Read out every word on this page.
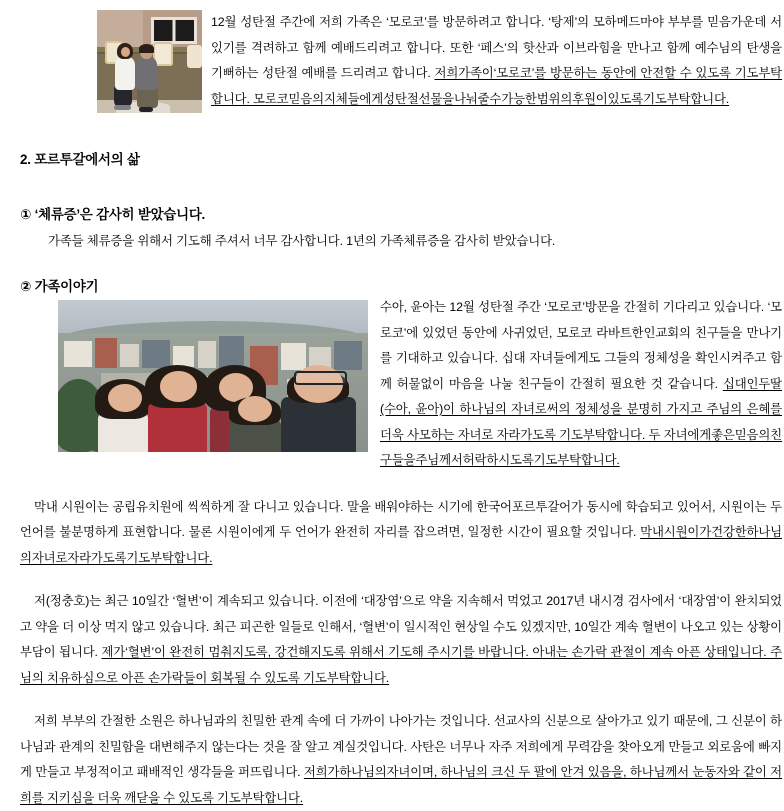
12월 성탄절 주간에 저희 가족은 ‘모로코’를 방문하려고 합니다. ‘탕제’의 모하메드마야 부부를 믿음가운데 서 있기를 격려하고 함께 예배드리려고 합니다. 또한 ‘페스’의 핫산과 이브라힘을 만나고 함께 예수님의 탄생을 기뻐하는 성탄절 예배를 드리려고 합니다. 저희가족이‘모로코’를 방문하는 동안에 안전할 수 있도록 기도부탁합니다. 모로코믿음의지체들에게성탄절선물을나눠줄수가능한범위의후원이있도록기도부탁합니다.

2. 포르투갈에서의 삶
① ‘체류증’은 감사히 받았습니다.

가족들 체류증을 위해서 기도해 주셔서 너무 감사합니다. 1년의 가족체류증을 감사히 받았습니다.

② 가족이야기

수아, 윤아는 12월 성탄절 주간 ‘모로코’방문을 간절히 기다리고 있습니다. ‘모로코’에 있었던 동안에 사귀었던, 모로코 라바트한인교회의 친구들을 만나기를 기대하고 있습니다. 십대 자녀들에게도 그들의 정체성을 확인시켜주고 함께 허물없이 마음을 나눌 친구들이 간절히 필요한 것 같습니다. 십대인두딸(수아, 윤아)이 하나님의 자녀로써의 정체성을 분명히 가지고 주님의 은혜를 더욱 사모하는 자녀로 자라가도록 기도부탁합니다. 두 자녀에게좋은믿음의친구들을주님께서허락하시도록기도부탁합니다.

막내 시원이는 공립유치원에 씩씩하게 잘 다니고 있습니다. 말을 배워야하는 시기에 한국어포르투갈어가 동시에 학습되고 있어서, 시원이는 두 언어를 불분명하게 표현합니다. 물론 시원이에게 두 언어가 완전히 자리를 잡으려면, 일정한 시간이 필요할 것입니다. 막내시원이가건강한하나님의자녀로자라가도록기도부탁합니다.

저(정충호)는 최근 10일간 ‘혈변’이 계속되고 있습니다. 이전에 ‘대장염’으로 약을 지속해서 먹었고 2017년 내시경 검사에서 ‘대장염’이 완치되었고 약을 더 이상 먹지 않고 있습니다. 최근 피곤한 일들로 인해서, ‘혈변’이 일시적인 현상일 수도 있겠지만, 10일간 계속 혈변이 나오고 있는 상황이 부담이 됩니다. 제가‘혈변’이 완전히 멈춰지도록, 강건해지도록 위해서 기도해 주시기를 바랍니다. 아내는 손가락 관절이 계속 아픈 상태입니다. 주님의 치유하심으로 아픈 손가락들이 회복될 수 있도록 기도부탁합니다.

저희 부부의 간절한 소원은 하나님과의 친밀한 관계 속에 더 가까이 나아가는 것입니다. 선교사의 신분으로 살아가고 있기 때문에, 그 신분이 하나님과 관계의 친밀함을 대변해주지 않는다는 것을 잘 알고 계실것입니다. 사탄은 너무나 자주 저희에게 무력감을 찾아오게 만들고 외로움에 빠지게 만들고 부정적이고 패배적인 생각들을 퍼뜨립니다. 저희가하나님의자녀이며, 하나님의 크신 두 팔에 안겨 있음을, 하나님께서 눈동자와 같이 저희를 지키심을 더욱 깨닫을 수 있도록 기도부탁합니다.
